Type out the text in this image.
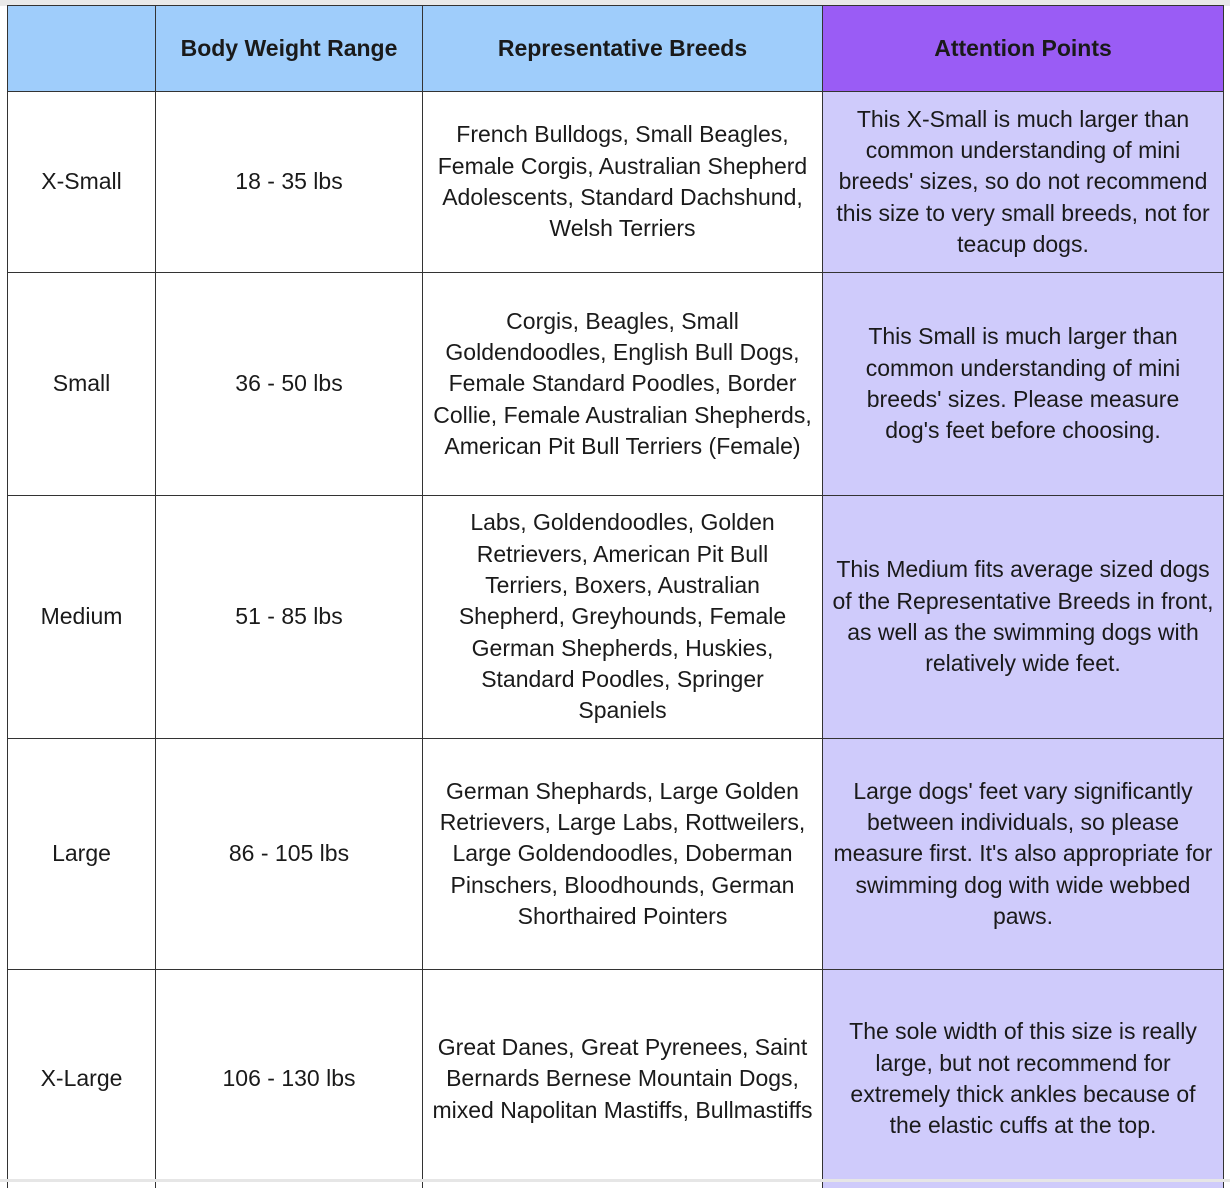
	Body Weight Range	Representative Breeds	Attention Points
X-Small	18 - 35 lbs	French Bulldogs, Small Beagles, Female Corgis, Australian Shepherd Adolescents, Standard Dachshund, Welsh Terriers	This X-Small is much larger than common understanding of mini breeds' sizes, so do not recommend this size to very small breeds, not for teacup dogs.
Small	36 - 50 lbs	Corgis, Beagles, Small Goldendoodles, English Bull Dogs, Female Standard Poodles, Border Collie, Female Australian Shepherds, American Pit Bull Terriers (Female)	This Small is much larger than common understanding of mini breeds' sizes. Please measure dog's feet before choosing.
Medium	51 - 85 lbs	Labs, Goldendoodles, Golden Retrievers, American Pit Bull Terriers, Boxers, Australian Shepherd, Greyhounds, Female German Shepherds, Huskies, Standard Poodles, Springer Spaniels	This Medium fits average sized dogs of the Representative Breeds in front, as well as the swimming dogs with relatively wide feet.
Large	86 - 105 lbs	German Shephards, Large Golden Retrievers, Large Labs, Rottweilers, Large Goldendoodles, Doberman Pinschers, Bloodhounds, German Shorthaired Pointers	Large dogs' feet vary significantly between individuals, so please measure first. It's also appropriate for swimming dog with wide webbed paws.
X-Large	106 - 130 lbs	Great Danes, Great Pyrenees, Saint Bernards Bernese Mountain Dogs, mixed Napolitan Mastiffs, Bullmastiffs	The sole width of this size is really large, but not recommend for extremely thick ankles because of the elastic cuffs at the top.
